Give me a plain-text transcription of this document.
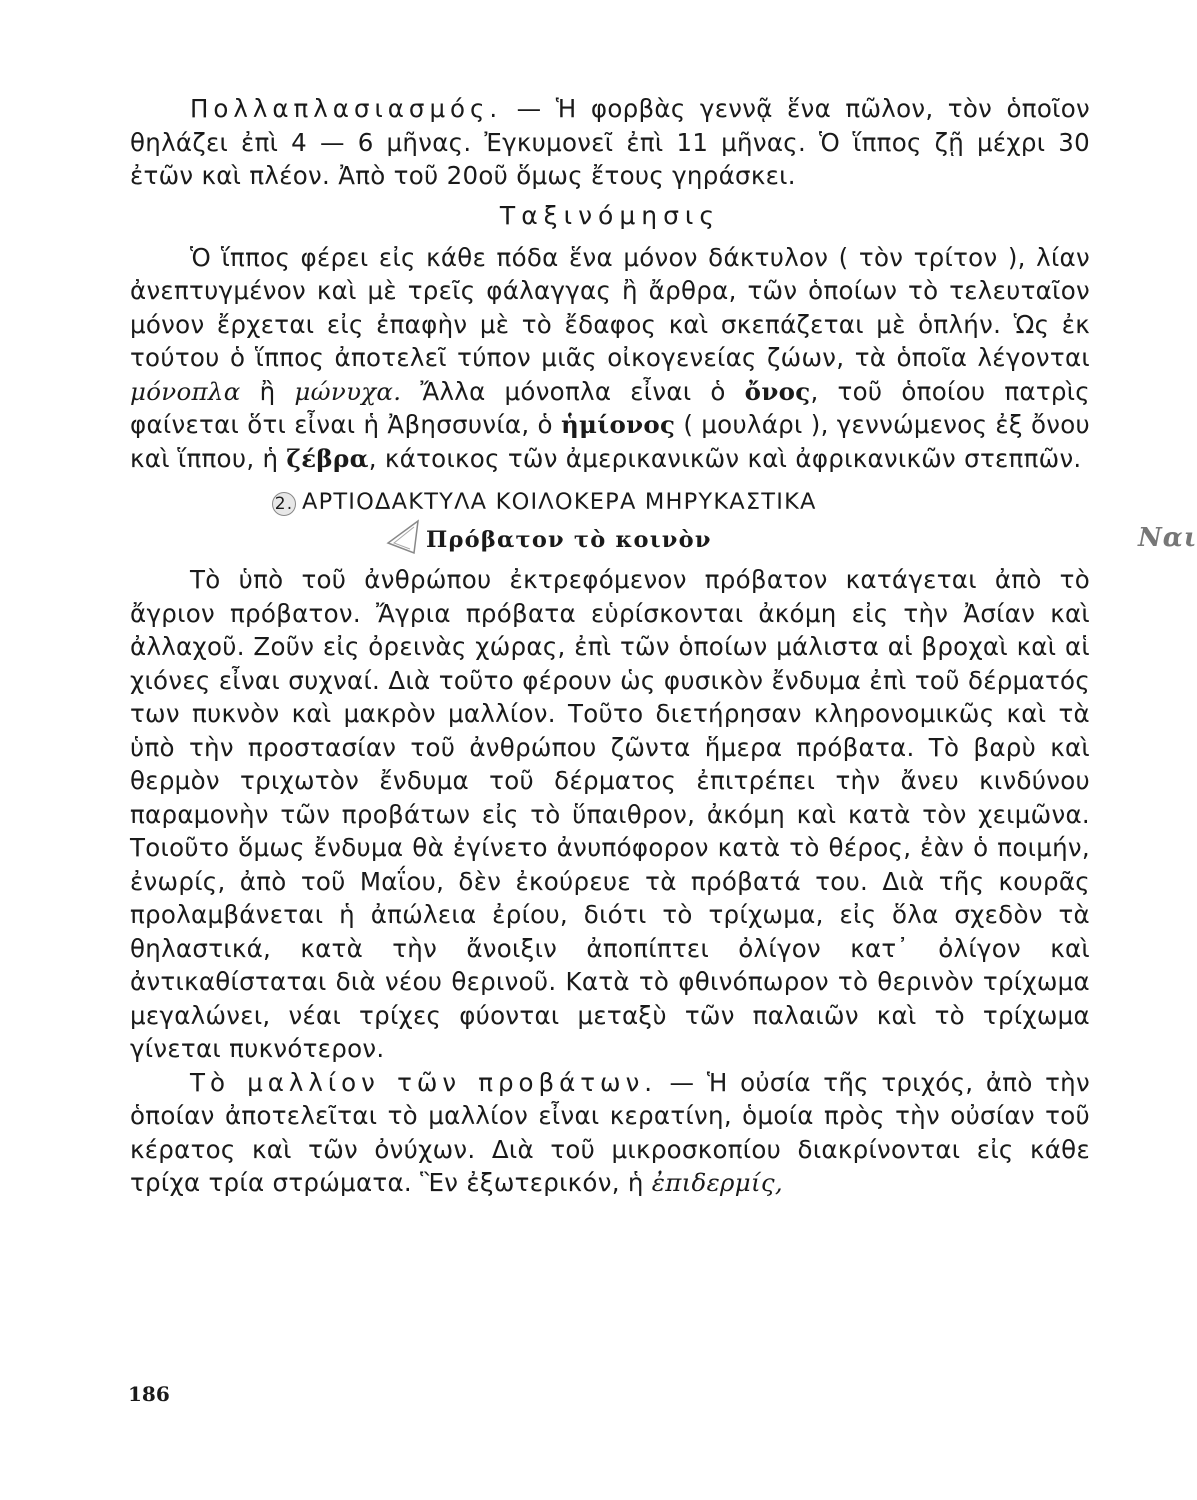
Πολλαπλασιασμός. — Ἡ φορβὰς γεννᾷ ἕνα πῶλον, τὸν ὁποῖον θηλάζει ἐπὶ 4 — 6 μῆνας. Ἐγκυμονεῖ ἐπὶ 11 μῆνας. Ὁ ἵππος ζῇ μέχρι 30 ἐτῶν καὶ πλέον. Ἀπὸ τοῦ 20οῦ ὅμως ἔτους γηράσκει.

Ταξινόμησις

Ὁ ἵππος φέρει εἰς κάθε πόδα ἕνα μόνον δάκτυλον ( τὸν τρίτον ), λίαν ἀνεπτυγμένον καὶ μὲ τρεῖς φάλαγγας ἢ ἄρθρα, τῶν ὁποίων τὸ τελευταῖον μόνον ἔρχεται εἰς ἐπαφὴν μὲ τὸ ἔδαφος καὶ σκεπάζεται μὲ ὁπλήν. Ὡς ἐκ τούτου ὁ ἵππος ἀποτελεῖ τύπον μιᾶς οἰκογενείας ζώων, τὰ ὁποῖα λέγονται μόνοπλα ἢ μώνυχα. Ἄλλα μόνοπλα εἶναι ὁ ὄνος, τοῦ ὁποίου πατρὶς φαίνεται ὅτι εἶναι ἡ Ἀβησσυνία, ὁ ἡμίονος ( μουλάρι ), γεννώμενος ἐξ ὄνου καὶ ἵππου, ἡ ζέβρα, κάτοικος τῶν ἀμερικανικῶν καὶ ἀφρικανικῶν στεππῶν.

2. ΑΡΤΙΟΔΑΚΤΥΛΑ ΚΟΙΛΟΚΕΡΑ ΜΗΡΥΚΑΣΤΙΚΑ
Πρόβατον τὸ κοινὸν	Ναι

Τὸ ὑπὸ τοῦ ἀνθρώπου ἐκτρεφόμενον πρόβατον κατάγεται ἀπὸ τὸ ἄγριον πρόβατον. Ἄγρια πρόβατα εὑρίσκονται ἀκόμη εἰς τὴν Ἀσίαν καὶ ἀλλαχοῦ. Ζοῦν εἰς ὀρεινὰς χώρας, ἐπὶ τῶν ὁποίων μάλιστα αἱ βροχαὶ καὶ αἱ χιόνες εἶναι συχναί. Διὰ τοῦτο φέρουν ὡς φυσικὸν ἔνδυμα ἐπὶ τοῦ δέρματός των πυκνὸν καὶ μακρὸν μαλλίον. Τοῦτο διετήρησαν κληρονομικῶς καὶ τὰ ὑπὸ τὴν προστασίαν τοῦ ἀνθρώπου ζῶντα ἥμερα πρόβατα. Τὸ βαρὺ καὶ θερμὸν τριχωτὸν ἔνδυμα τοῦ δέρματος ἐπιτρέπει τὴν ἄνευ κινδύνου παραμονὴν τῶν προβάτων εἰς τὸ ὕπαιθρον, ἀκόμη καὶ κατὰ τὸν χειμῶνα. Τοιοῦτο ὅμως ἔνδυμα θὰ ἐγίνετο ἀνυπόφορον κατὰ τὸ θέρος, ἐὰν ὁ ποιμήν, ἐνωρίς, ἀπὸ τοῦ Μαΐου, δὲν ἐκούρευε τὰ πρόβατά του. Διὰ τῆς κουρᾶς προλαμβάνεται ἡ ἀπώλεια ἐρίου, διότι τὸ τρίχωμα, εἰς ὅλα σχεδὸν τὰ θηλαστικά, κατὰ τὴν ἄνοιξιν ἀποπίπτει ὀλίγον κατ᾽ ὀλίγον καὶ ἀντικαθίσταται διὰ νέου θερινοῦ. Κατὰ τὸ φθινόπωρον τὸ θερινὸν τρίχωμα μεγαλώνει, νέαι τρίχες φύονται μεταξὺ τῶν παλαιῶν καὶ τὸ τρίχωμα γίνεται πυκνότερον.

Τὸ μαλλίον τῶν προβάτων. — Ἡ οὐσία τῆς τριχός, ἀπὸ τὴν ὁποίαν ἀποτελεῖται τὸ μαλλίον εἶναι κερατίνη, ὁμοία πρὸς τὴν οὐσίαν τοῦ κέρατος καὶ τῶν ὀνύχων. Διὰ τοῦ μικροσκοπίου διακρίνονται εἰς κάθε τρίχα τρία στρώματα. Ἓν ἐξωτερικόν, ἡ ἐπιδερμίς,

186
